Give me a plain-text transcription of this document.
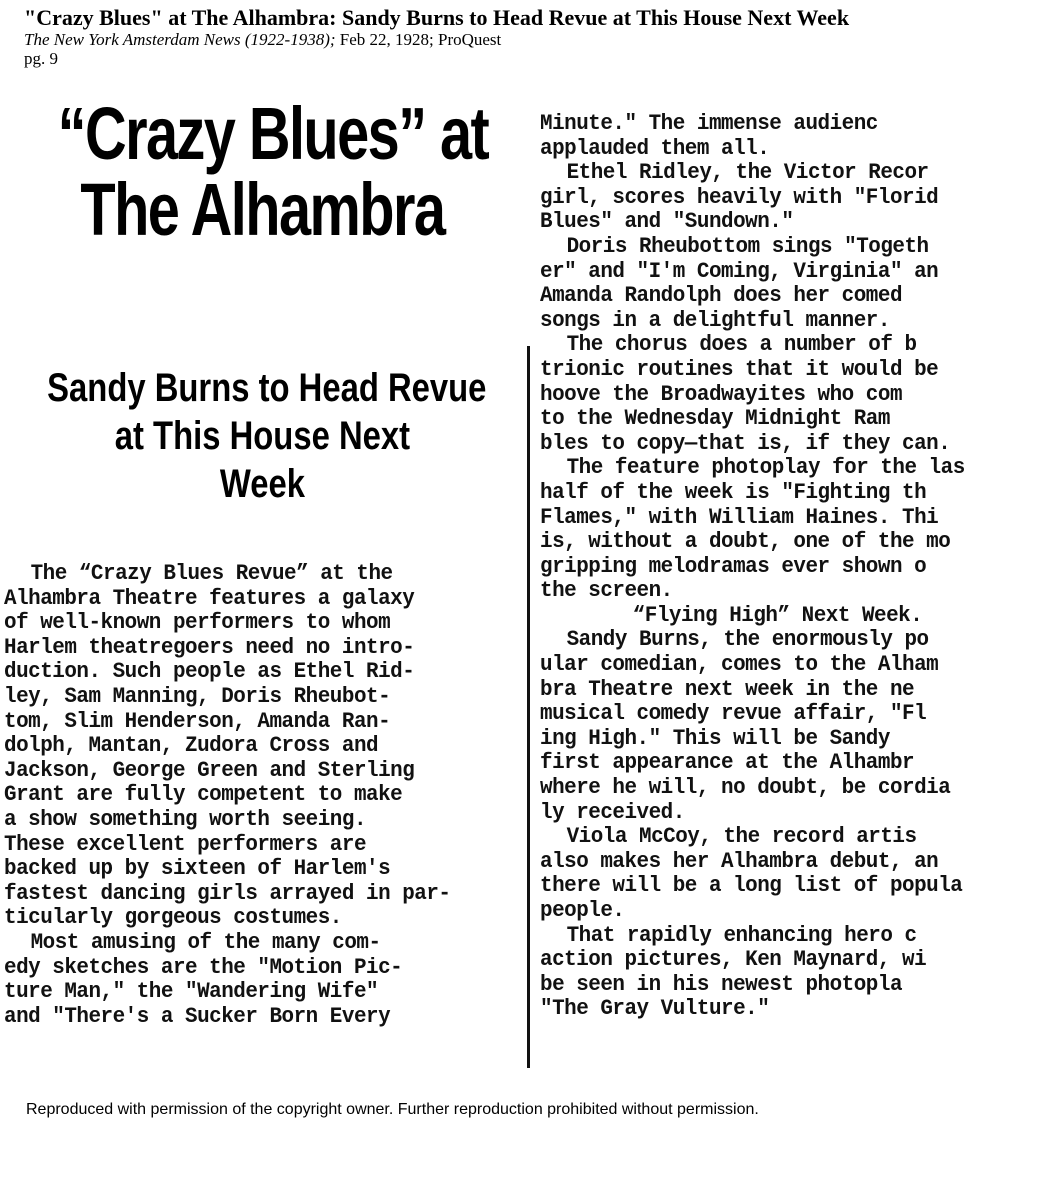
"Crazy Blues" at The Alhambra: Sandy Burns to Head Revue at This House Next Week
The New York Amsterdam News (1922-1938); Feb 22, 1928; ProQuest
pg. 9
“Crazy Blues” at
The Alhambra
Sandy Burns to Head Revue
at This House Next
Week
The “Crazy Blues Revue” at the
Alhambra Theatre features a galaxy
of well-known performers to whom
Harlem theatregoers need no intro-
duction. Such people as Ethel Rid-
ley, Sam Manning, Doris Rheubot-
tom, Slim Henderson, Amanda Ran-
dolph, Mantan, Zudora Cross and
Jackson, George Green and Sterling
Grant are fully competent to make
a show something worth seeing.
These excellent performers are
backed up by sixteen of Harlem's
fastest dancing girls arrayed in par-
ticularly gorgeous costumes.
Most amusing of the many com-
edy sketches are the "Motion Pic-
ture Man," the "Wandering Wife"
and "There's a Sucker Born Every
Minute." The immense audienc
applauded them all.
Ethel Ridley, the Victor Recor
girl, scores heavily with "Florid
Blues" and "Sundown."
Doris Rheubottom sings "Togeth
er" and "I'm Coming, Virginia" an
Amanda Randolph does her comed
songs in a delightful manner.
The chorus does a number of b
trionic routines that it would be
hoove the Broadwayites who com
to the Wednesday Midnight Ram
bles to copy—that is, if they can.
The feature photoplay for the las
half of the week is "Fighting th
Flames," with William Haines. Thi
is, without a doubt, one of the mo
gripping melodramas ever shown o
the screen.
“Flying High” Next Week.
Sandy Burns, the enormously po
ular comedian, comes to the Alham
bra Theatre next week in the ne
musical comedy revue affair, "Fl
ing High." This will be Sandy
first appearance at the Alhambr
where he will, no doubt, be cordia
ly received.
Viola McCoy, the record artis
also makes her Alhambra debut, an
there will be a long list of popula
people.
That rapidly enhancing hero c
action pictures, Ken Maynard, wi
be seen in his newest photopla
"The Gray Vulture."
Reproduced with permission of the copyright owner. Further reproduction prohibited without permission.
